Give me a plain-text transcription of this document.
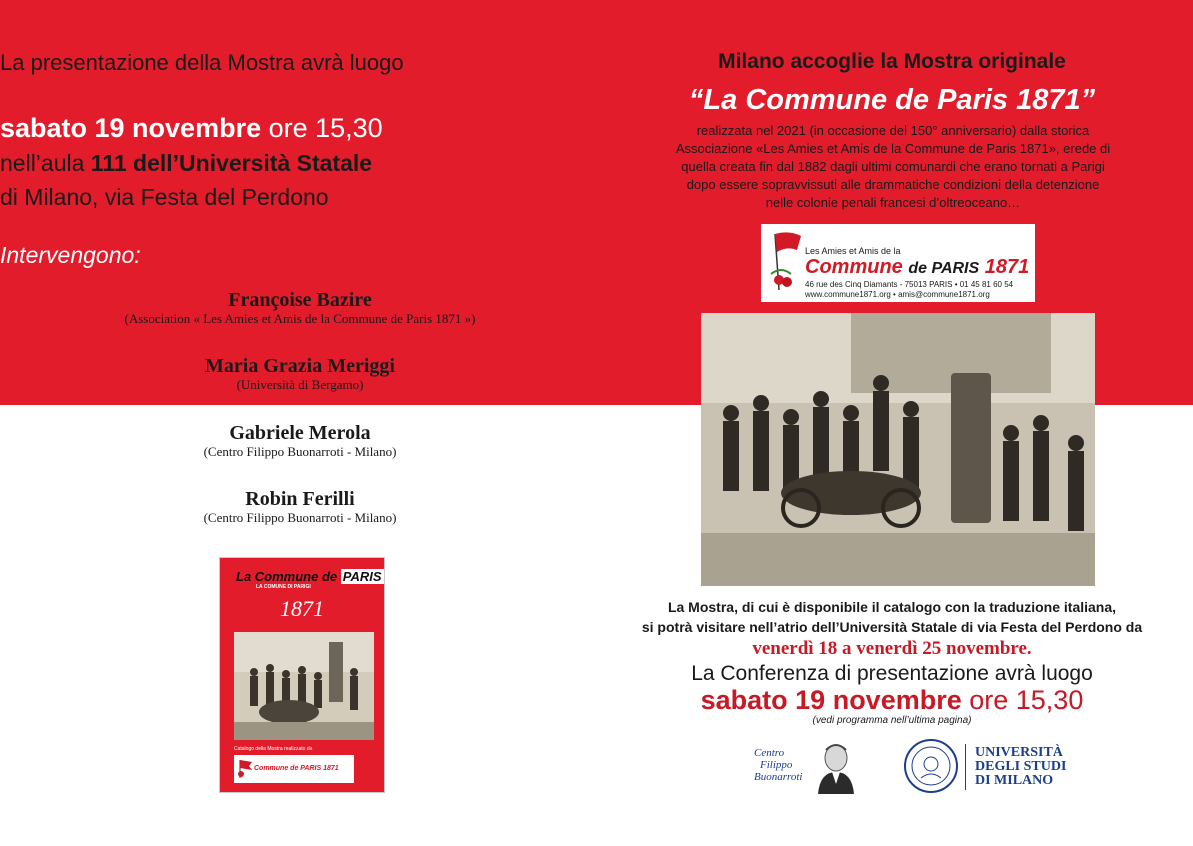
La presentazione della Mostra avrà luogo
sabato 19 novembre ore 15,30
nell’aula 111 dell’Università Statale
di Milano, via Festa del Perdono
Intervengono:
Françoise Bazire
(Association « Les Amies et Amis de la Commune de Paris 1871 »)
Maria Grazia Meriggi
(Università di Bergamo)
Gabriele Merola
(Centro Filippo Buonarroti - Milano)
Robin Ferilli
(Centro Filippo Buonarroti - Milano)
La Commune de PARIS
LA COMUNE DI PARIGI
1871
Catalogo della Mostra realizzato da
Commune de PARIS 1871
Milano accoglie la Mostra originale
“La Commune de Paris 1871”
realizzata nel 2021 (in occasione del 150° anniversario) dalla storica
Associazione «Les Amies et Amis de la Commune de Paris 1871», erede di
quella creata fin dal 1882 dagli ultimi comunardi che erano tornati a Parigi
dopo essere sopravvissuti alle drammatiche condizioni della detenzione
nelle colonie penali francesi d’oltreoceano…
Les Amies et Amis de la
Commune de PARIS 1871
46 rue des Cinq Diamants - 75013 PARIS • 01 45 81 60 54
www.commune1871.org • amis@commune1871.org
La Mostra, di cui è disponibile il catalogo con la traduzione italiana,
si potrà visitare nell’atrio dell’Università Statale di via Festa del Perdono da
venerdì 18 a venerdì 25 novembre.
La Conferenza di presentazione avrà luogo
sabato 19 novembre ore 15,30
(vedi programma nell’ultima pagina)
Centro
Filippo
Buonarroti
UNIVERSITÀ
DEGLI STUDI
DI MILANO
